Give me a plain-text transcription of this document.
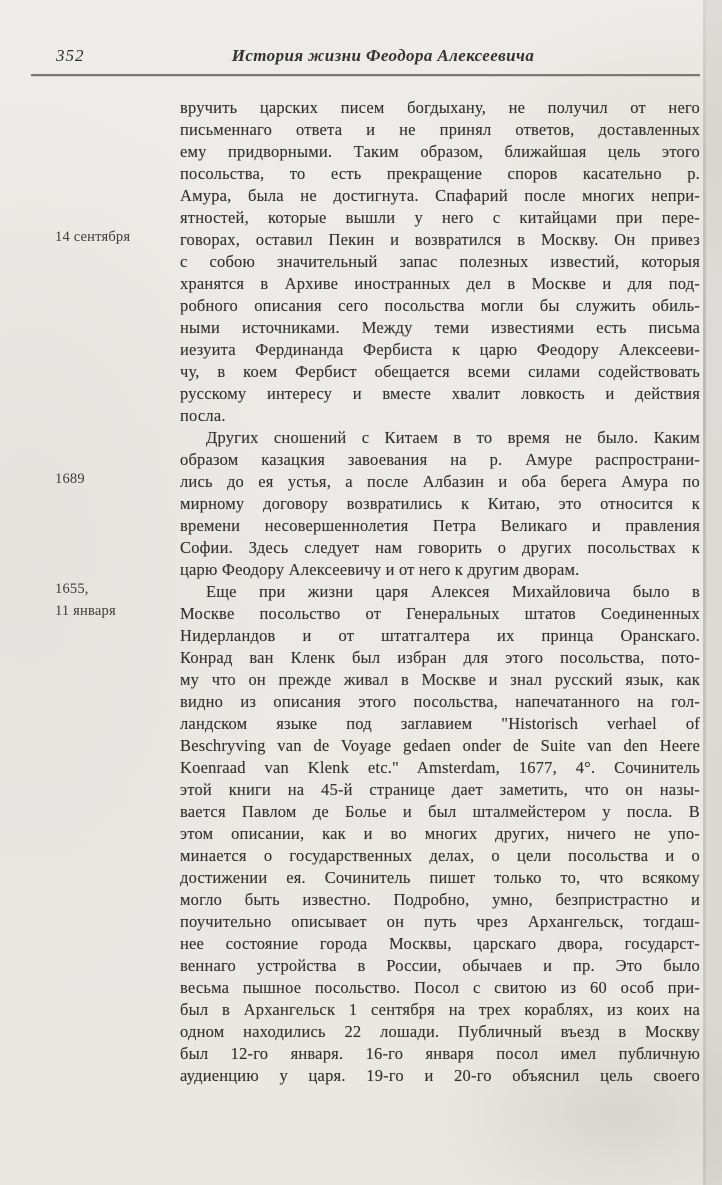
352	История жизни Феодора Алексеевича
14 сентября
1689
1655,
11 января
вручить царских писем богдыхану, не получил от него
письменнаго ответа и не принял ответов, доставленных
ему придворными. Таким образом, ближайшая цель этого
посольства, то есть прекращение споров касательно р.
Амура, была не достигнута. Спафарий после многих непри-
ятностей, которые вышли у него с китайцами при пере-
говорах, оставил Пекин и возвратился в Москву. Он привез
с собою значительный запас полезных известий, которыя
хранятся в Архиве иностранных дел в Москве и для под-
робного описания сего посольства могли бы служить обиль-
ными источниками. Между теми известиями есть письма
иезуита Фердинанда Фербиста к царю Феодору Алексееви-
чу, в коем Фербист обещается всеми силами содействовать
русскому интересу и вместе хвалит ловкость и действия
посла.
Других сношений с Китаем в то время не было. Каким
образом казацкия завоевания на р. Амуре распространи-
лись до ея устья, а после Албазин и оба берега Амура по
мирному договору возвратились к Китаю, это относится к
времени несовершеннолетия Петра Великаго и правления
Софии. Здесь следует нам говорить о других посольствах к
царю Феодору Алексеевичу и от него к другим дворам.
Еще при жизни царя Алексея Михайловича было в
Москве посольство от Генеральных штатов Соединенных
Нидерландов и от штатгалтера их принца Оранскаго.
Конрад ван Кленк был избран для этого посольства, пото-
му что он прежде живал в Москве и знал русский язык, как
видно из описания этого посольства, напечатанного на гол-
ландском языке под заглавием "Historisch verhael of
Beschryving van de Voyage gedaen onder de Suite van den Heere
Koenraad van Klenk etc." Amsterdam, 1677, 4°. Сочинитель
этой книги на 45-й странице дает заметить, что он назы-
вается Павлом де Болье и был шталмейстером у посла. В
этом описании, как и во многих других, ничего не упо-
минается о государственных делах, о цели посольства и о
достижении ея. Сочинитель пишет только то, что всякому
могло быть известно. Подробно, умно, безпристрастно и
поучительно описывает он путь чрез Архангельск, тогдаш-
нее состояние города Москвы, царскаго двора, государст-
веннаго устройства в России, обычаев и пр. Это было
весьма пышное посольство. Посол с свитою из 60 особ при-
был в Архангельск 1 сентября на трех кораблях, из коих на
одном находились 22 лошади. Публичный въезд в Москву
был 12-го января. 16-го января посол имел публичную
аудиенцию у царя. 19-го и 20-го объяснил цель своего
